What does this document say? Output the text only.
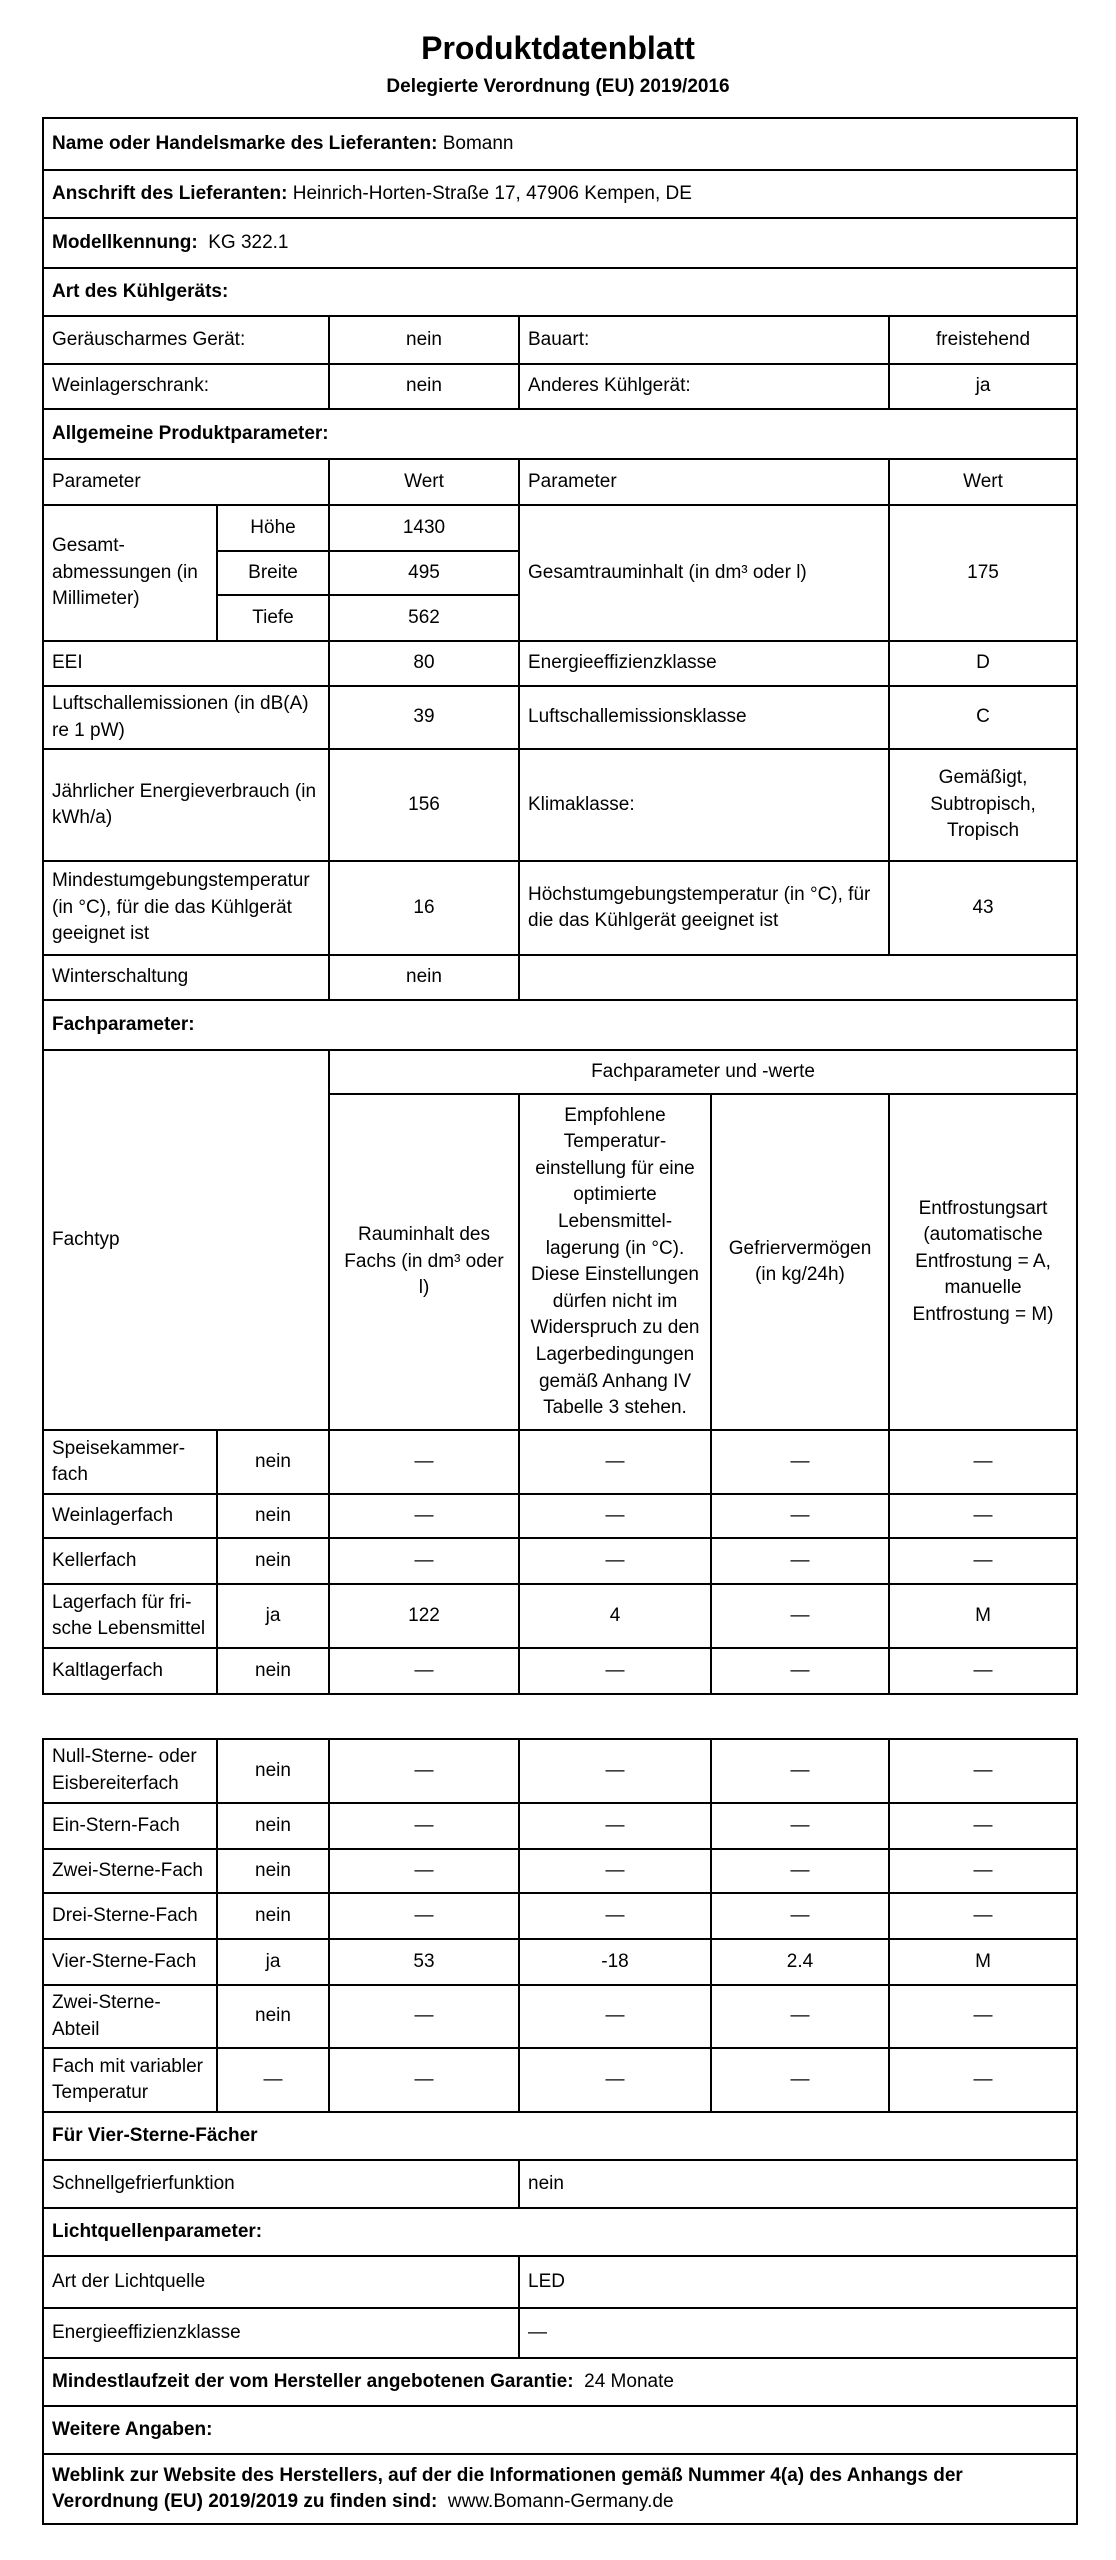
Produktdatenblatt
Delegierte Verordnung (EU) 2019/2016
Name oder Handelsmarke des Lieferanten: Bomann					
Anschrift des Lieferanten: Heinrich-Horten-Straße 17, 47906 Kempen, DE					
Modellkennung: KG 322.1					
Art des Kühlgeräts:					
Geräuscharmes Gerät:		nein	Bauart:		freistehend
Weinlagerschrank:		nein	Anderes Kühlgerät:		ja
Allgemeine Produktparameter:					
Parameter		Wert	Parameter		Wert
Gesamt-abmessungen (in Millimeter)	Höhe	1430	Gesamtrauminhalt (in dm³ oder l)		175
	Breite	495			
	Tiefe	562			
EEI		80	Energieeffizienzklasse		D
Luftschallemissionen (in dB(A) re 1 pW)		39	Luftschallemissionsklasse		C
Jährlicher Energieverbrauch (in kWh/a)		156	Klimaklasse:		Gemäßigt, Subtropisch, Tropisch
Mindestumgebungstemperatur (in °C), für die das Kühlgerät geeignet ist		16	Höchstumgebungstemperatur (in °C), für die das Kühlgerät geeignet ist		43
Winterschaltung		nein			
Fachparameter:					
Fachtyp		Fachparameter und -werte			
		Rauminhalt des Fachs (in dm³ oder l)	Empfohlene Temperatur-einstellung für eine optimierte Lebensmittel-lagerung (in °C). Diese Einstellungen dürfen nicht im Widerspruch zu den Lagerbedingungen gemäß Anhang IV Tabelle 3 stehen.	Gefriervermögen (in kg/24h)	Entfrostungsart (automatische Entfrostung = A, manuelle Entfrostung = M)
Speisekammer-fach	nein	—	—	—	—
Weinlagerfach	nein	—	—	—	—
Kellerfach	nein	—	—	—	—
Lagerfach für fri-sche Lebensmittel	ja	122	4	—	M
Kaltlagerfach	nein	—	—	—	—
Null-Sterne- oder Eisbereiterfach	nein	—	—	—	—
Ein-Stern-Fach	nein	—	—	—	—
Zwei-Sterne-Fach	nein	—	—	—	—
Drei-Sterne-Fach	nein	—	—	—	—
Vier-Sterne-Fach	ja	53	-18	2.4	M
Zwei-Sterne-Abteil	nein	—	—	—	—
Fach mit variabler Temperatur	—	—	—	—	—
Für Vier-Sterne-Fächer					
Schnellgefrierfunktion			nein		
Lichtquellenparameter:					
Art der Lichtquelle			LED		
Energieeffizienzklasse			—		
Mindestlaufzeit der vom Hersteller angebotenen Garantie: 24 Monate					
Weitere Angaben:					
Weblink zur Website des Herstellers, auf der die Informationen gemäß Nummer 4(a) des Anhangs der Verordnung (EU) 2019/2019 zu finden sind: www.Bomann-Germany.de					
